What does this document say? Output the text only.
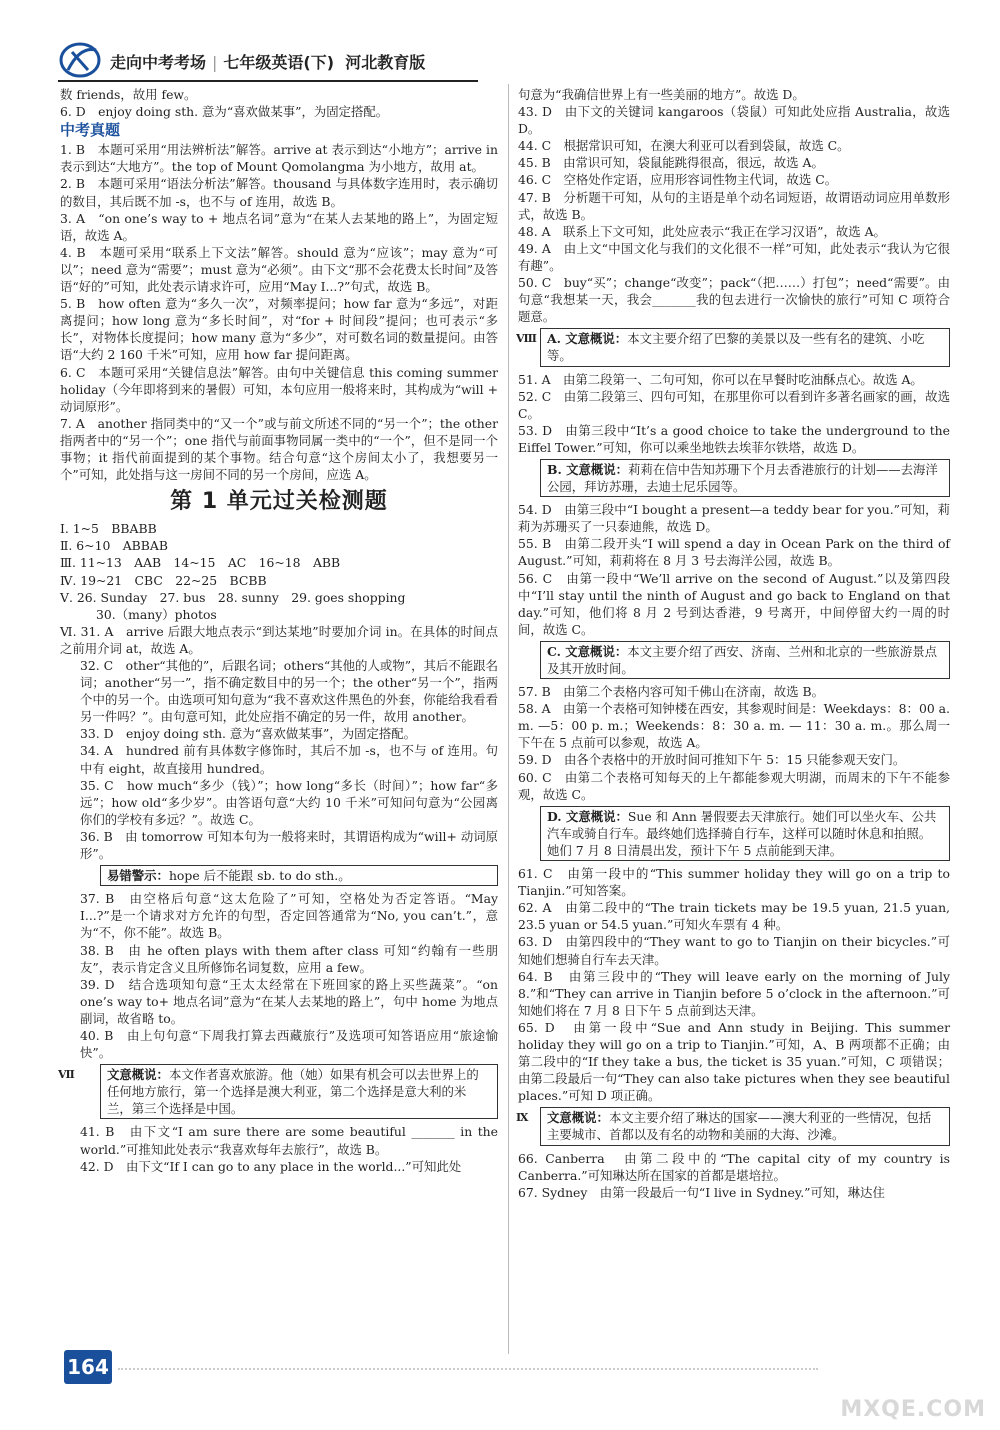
走向中考考场 | 七年级英语(下) 河北教育版

数 friends，故用 few。

6. D　enjoy doing sth. 意为“喜欢做某事”，为固定搭配。

中考真题

1. B　本题可采用“用法辨析法”解答。arrive at 表示到达“小地方”；arrive in 表示到达“大地方”。the top of Mount Qomolangma 为小地方，故用 at。

2. B　本题可采用“语法分析法”解答。thousand 与具体数字连用时，表示确切的数目，其后既不加 -s，也不与 of 连用，故选 B。

3. A　“on one’s way to + 地点名词”意为“在某人去某地的路上”，为固定短语，故选 A。

4. B　本题可采用“联系上下文法”解答。should 意为“应该”；may 意为“可以”；need 意为“需要”；must 意为“必须”。由下文“那不会花费太长时间”及答语“好的”可知，此处表示请求许可，应用“May I...?”句式，故选 B。

5. B　how often 意为“多久一次”，对频率提问；how far 意为“多远”，对距离提问；how long 意为“多长时间”，对“for + 时间段”提问；也可表示“多长”，对物体长度提问；how many 意为“多少”，对可数名词的数量提问。由答语“大约 2 160 千米”可知，应用 how far 提问距离。

6. C　本题可采用“关键信息法”解答。由句中关键信息 this coming summer holiday（今年即将到来的暑假）可知，本句应用一般将来时，其构成为“will + 动词原形”。

7. A　another 指同类中的“又一个”或与前文所述不同的“另一个”；the other 指两者中的“另一个”；one 指代与前面事物同属一类中的“一个”，但不是同一个事物；it 指代前面提到的某个事物。结合句意“这个房间太小了，我想要另一个”可知，此处指与这一房间不同的另一个房间，应选 A。

第 1 单元过关检测题

Ⅰ. 1~5　BBABB

Ⅱ. 6~10　ABBAB

Ⅲ. 11~13　AAB　14~15　AC　16~18　ABB

Ⅳ. 19~21　CBC　22~25　BCBB

Ⅴ. 26. Sunday　27. bus　28. sunny　29. goes shopping

30.（many）photos

Ⅵ. 31. A　arrive 后跟大地点表示“到达某地”时要加介词 in。在具体的时间点之前用介词 at，故选 A。

32. C　other“其他的”，后跟名词；others“其他的人或物”，其后不能跟名词；another“另一”，指不确定数目中的另一个；the other“另一个”，指两个中的另一个。由选项可知句意为“我不喜欢这件黑色的外套，你能给我看看另一件吗？”。由句意可知，此处应指不确定的另一件，故用 another。

33. D　enjoy doing sth. 意为“喜欢做某事”，为固定搭配。

34. A　hundred 前有具体数字修饰时，其后不加 -s，也不与 of 连用。句中有 eight，故直接用 hundred。

35. C　how much“多少（钱）”；how long“多长（时间）”；how far“多远”；how old“多少岁”。由答语句意“大约 10 千米”可知问句意为“公园离你们的学校有多远？”。故选 C。

36. B　由 tomorrow 可知本句为一般将来时，其谓语构成为“will+ 动词原形”。

易错警示：hope 后不能跟 sb. to do sth.。

37. B　由空格后句意“这太危险了”可知，空格处为否定答语。“May I...?”是一个请求对方允许的句型，否定回答通常为“No, you can’t.”，意为“不，你不能”。故选 B。

38. B　由 he often plays with them after class 可知“约翰有一些朋友”，表示肯定含义且所修饰名词复数，应用 a few。

39. D　结合选项知句意“王太太经常在下班回家的路上买些蔬菜”。“on one’s way to+ 地点名词”意为“在某人去某地的路上”，句中 home 为地点副词，故省略 to。

40. B　由上句句意“下周我打算去西藏旅行”及选项可知答语应用“旅途愉快”。

Ⅶ	文意概说：本文作者喜欢旅游。他（她）如果有机会可以去世界上的任何地方旅行，第一个选择是澳大利亚，第二个选择是意大利的米兰，第三个选择是中国。

41. B　由下文“I am sure there are some beautiful _______ in the world.”可推知此处表示“我喜欢每年去旅行”，故选 B。

42. D　由下文“If I can go to any place in the world...”可知此处

句意为“我确信世界上有一些美丽的地方”。故选 D。

43. D　由下文的关键词 kangaroos（袋鼠）可知此处应指 Australia，故选 D。

44. C　根据常识可知，在澳大利亚可以看到袋鼠，故选 C。

45. B　由常识可知，袋鼠能跳得很高，很远，故选 A。

46. C　空格处作定语，应用形容词性物主代词，故选 C。

47. B　分析题干可知，从句的主语是单个动名词短语，故谓语动词应用单数形式，故选 B。

48. A　联系上下文可知，此处应表示“我正在学习汉语”，故选 A。

49. A　由上文“中国文化与我们的文化很不一样”可知，此处表示“我认为它很有趣”。

50. C　buy“买”；change“改变”；pack“（把……）打包”；need“需要”。由句意“我想某一天，我会_______我的包去进行一次愉快的旅行”可知 C 项符合题意。

Ⅷ A. 文意概说：本文主要介绍了巴黎的美景以及一些有名的建筑、小吃等。

51. A　由第二段第一、二句可知，你可以在早餐时吃油酥点心。故选 A。

52. C　由第二段第三、四句可知，在那里你可以看到许多著名画家的画，故选 C。

53. D　由第三段中“It’s a good choice to take the underground to the Eiffel Tower.”可知，你可以乘坐地铁去埃菲尔铁塔，故选 D。

B. 文意概说：莉莉在信中告知苏珊下个月去香港旅行的计划——去海洋公园，拜访苏珊，去迪士尼乐园等。

54. D　由第三段中“I bought a present—a teddy bear for you.”可知，莉莉为苏珊买了一只泰迪熊，故选 D。

55. B　由第二段开头“I will spend a day in Ocean Park on the third of August.”可知，莉莉将在 8 月 3 号去海洋公园，故选 B。

56. C　由第一段中“We’ll arrive on the second of August.”以及第四段中“I’ll stay until the ninth of August and go back to England on that day.”可知，他们将 8 月 2 号到达香港，9 号离开，中间停留大约一周的时间，故选 C。

C. 文意概说：本文主要介绍了西安、济南、兰州和北京的一些旅游景点及其开放时间。

57. B　由第二个表格内容可知千佛山在济南，故选 B。

58. A　由第一个表格可知钟楼在西安，其参观时间是：Weekdays：8：00 a. m. —5：00 p. m.；Weekends：8：30 a. m. — 11：30 a. m.。那么周一下午在 5 点前可以参观，故选 A。

59. D　由各个表格中的开放时间可推知下午 5：15 只能参观天安门。

60. C　由第二个表格可知每天的上午都能参观大明湖，而周末的下午不能参观，故选 C。

D. 文意概说：Sue 和 Ann 暑假要去天津旅行。她们可以坐火车、公共汽车或骑自行车。最终她们选择骑自行车，这样可以随时休息和拍照。她们 7 月 8 日清晨出发，预计下午 5 点前能到天津。

61. C　由第一段中的“This summer holiday they will go on a trip to Tianjin.”可知答案。

62. A　由第二段中的“The train tickets may be 19.5 yuan, 21.5 yuan, 23.5 yuan or 54.5 yuan.”可知火车票有 4 种。

63. D　由第四段中的“They want to go to Tianjin on their bicycles.”可知她们想骑自行车去天津。

64. B　由第三段中的“They will leave early on the morning of July 8.”和“They can arrive in Tianjin before 5 o’clock in the afternoon.”可知她们将在 7 月 8 日下午 5 点前到达天津。

65. D　由第一段中“Sue and Ann study in Beijing. This summer holiday they will go on a trip to Tianjin.”可知，A、B 两项都不正确；由第二段中的“If they take a bus, the ticket is 35 yuan.”可知，C 项错误；由第二段最后一句“They can also take pictures when they see beautiful places.”可知 D 项正确。

Ⅸ	文意概说：本文主要介绍了琳达的国家——澳大利亚的一些情况，包括主要城市、首都以及有名的动物和美丽的大海、沙滩。

66. Canberra　由第二段中的“The capital city of my country is Canberra.”可知琳达所在国家的首都是堪培拉。

67. Sydney　由第一段最后一句“I live in Sydney.”可知，琳达住

164
MXQE.COM
